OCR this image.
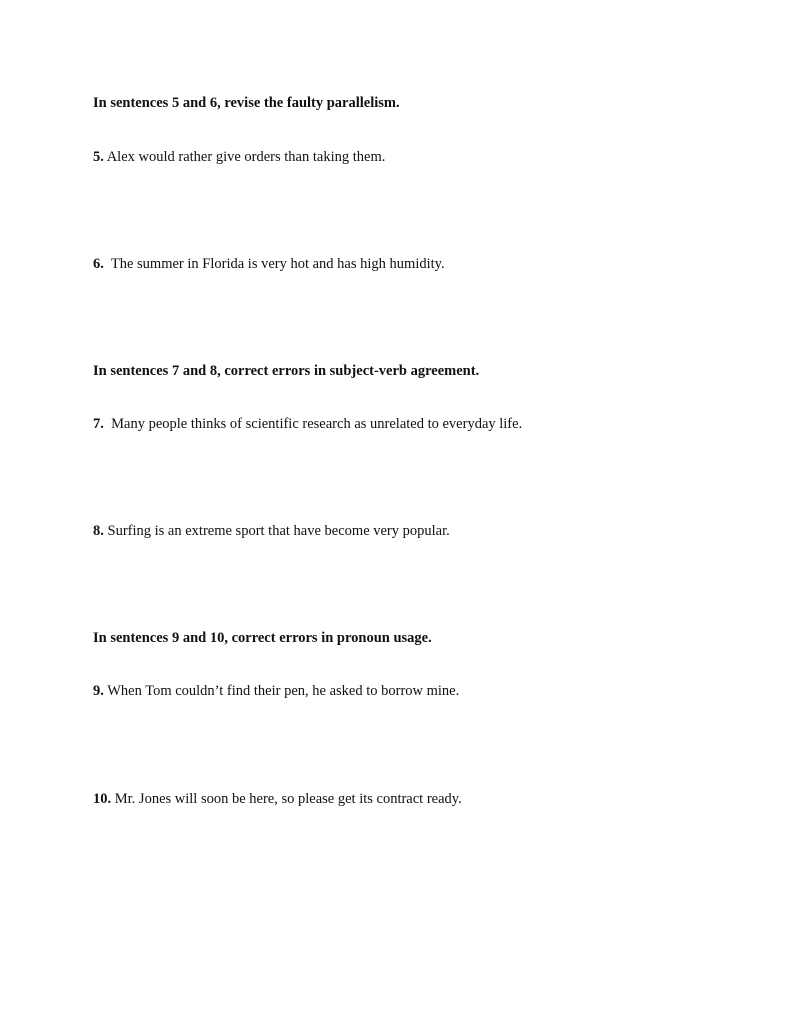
In sentences 5 and 6, revise the faulty parallelism.
5. Alex would rather give orders than taking them.
6.  The summer in Florida is very hot and has high humidity.
In sentences 7 and 8, correct errors in subject-verb agreement.
7.  Many people thinks of scientific research as unrelated to everyday life.
8. Surfing is an extreme sport that have become very popular.
In sentences 9 and 10, correct errors in pronoun usage.
9. When Tom couldn’t find their pen, he asked to borrow mine.
10. Mr. Jones will soon be here, so please get its contract ready.
